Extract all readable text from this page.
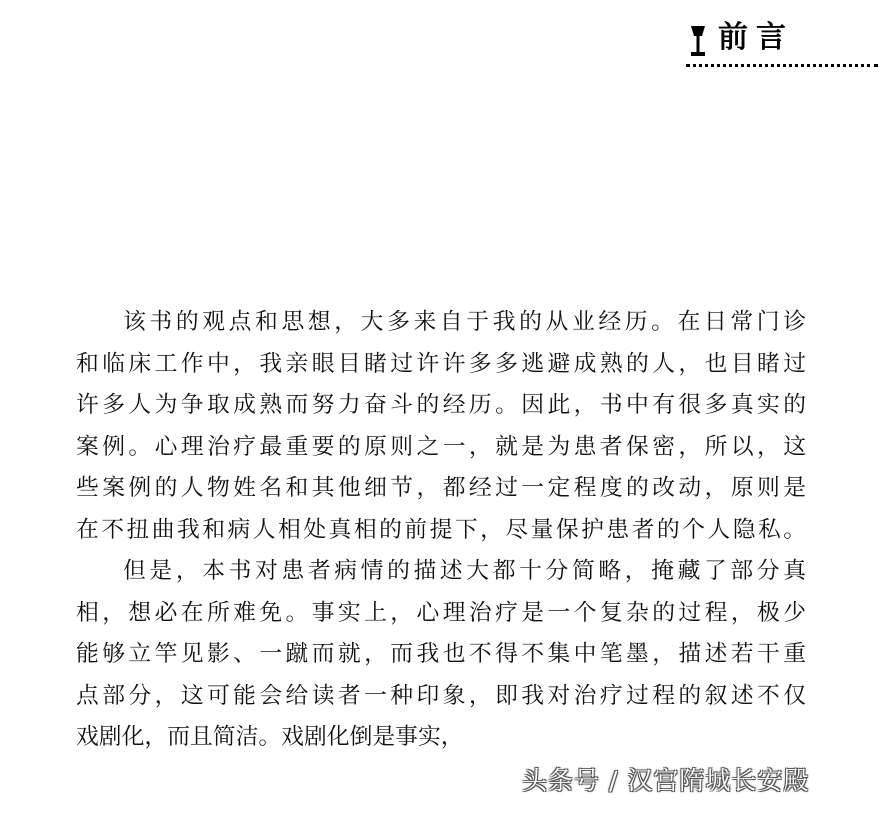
前言
该书的观点和思想，大多来自于我的从业经历。在日常门诊
和临床工作中，我亲眼目睹过许许多多逃避成熟的人，也目睹过
许多人为争取成熟而努力奋斗的经历。因此，书中有很多真实的
案例。心理治疗最重要的原则之一，就是为患者保密，所以，这
些案例的人物姓名和其他细节，都经过一定程度的改动，原则是
在不扭曲我和病人相处真相的前提下，尽量保护患者的个人隐私。
但是，本书对患者病情的描述大都十分简略，掩藏了部分真
相，想必在所难免。事实上，心理治疗是一个复杂的过程，极少
能够立竿见影、一蹴而就，而我也不得不集中笔墨，描述若干重
点部分，这可能会给读者一种印象，即我对治疗过程的叙述不仅
戏剧化，而且简洁。戏剧化倒是事实，
头条号 / 汉宫隋城长安殿
